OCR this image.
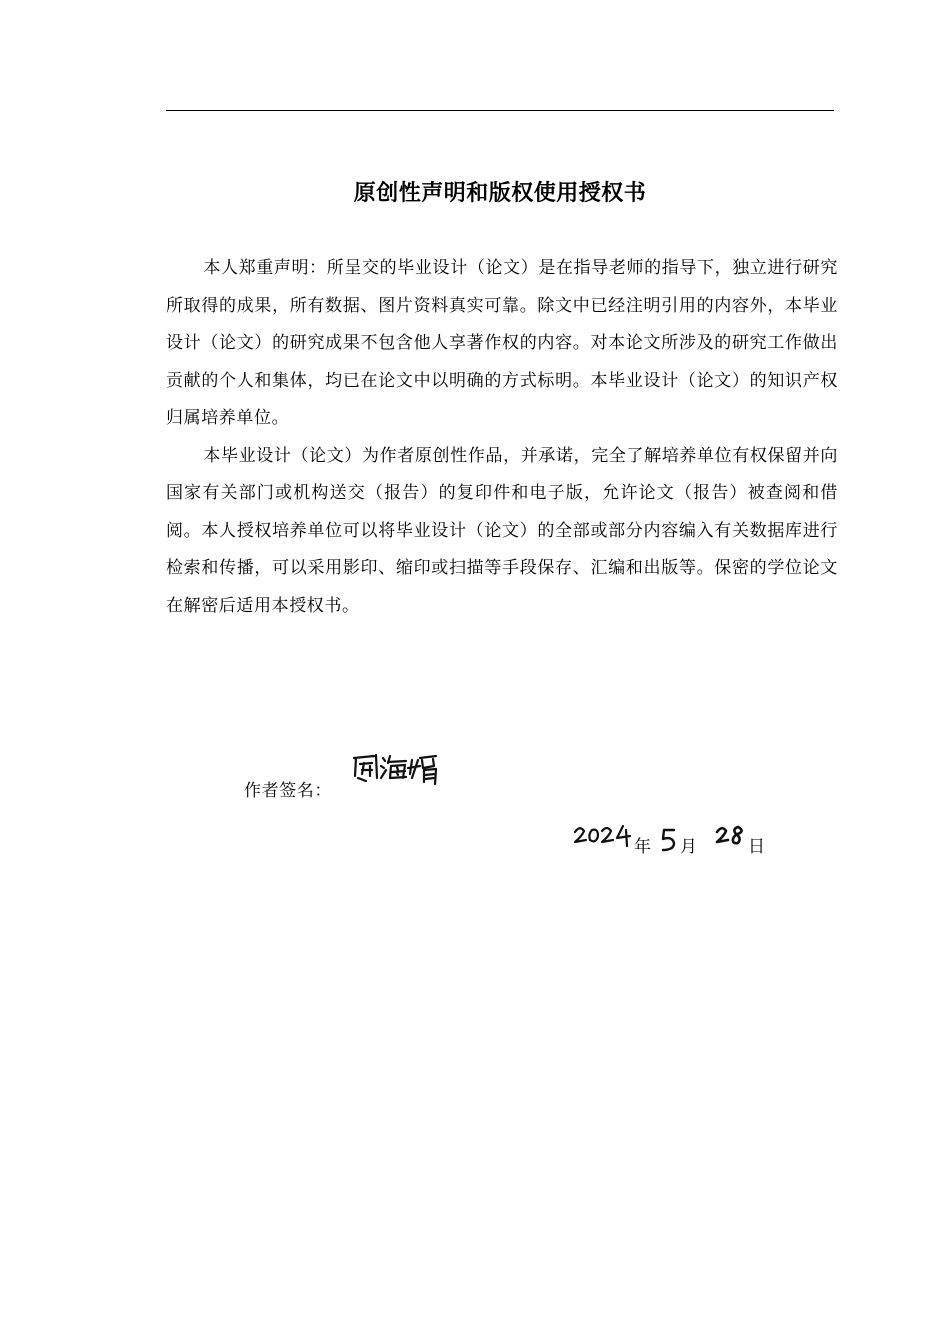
原创性声明和版权使用授权书

本人郑重声明：所呈交的毕业设计（论文）是在指导老师的指导下，独立进行研究所取得的成果，所有数据、图片资料真实可靠。除文中已经注明引用的内容外，本毕业设计（论文）的研究成果不包含他人享著作权的内容。对本论文所涉及的研究工作做出贡献的个人和集体，均已在论文中以明确的方式标明。本毕业设计（论文）的知识产权归属培养单位。

本毕业设计（论文）为作者原创性作品，并承诺，完全了解培养单位有权保留并向国家有关部门或机构送交（报告）的复印件和电子版，允许论文（报告）被查阅和借阅。本人授权培养单位可以将毕业设计（论文）的全部或部分内容编入有关数据库进行检索和传播，可以采用影印、缩印或扫描等手段保存、汇编和出版等。保密的学位论文在解密后适用本授权书。

作者签名：
年 月	日
